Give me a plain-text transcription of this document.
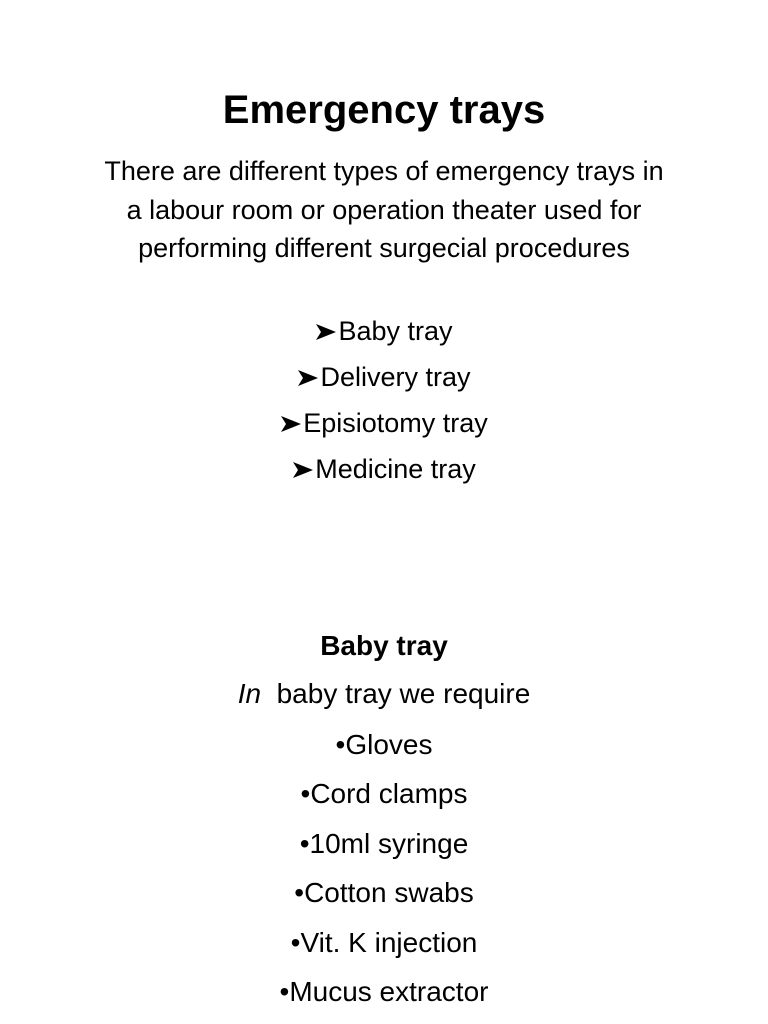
Emergency trays
There are different types of emergency trays in a labour room or operation theater used for performing different surgecial procedures
Baby tray
Delivery tray
Episiotomy tray
Medicine tray
Baby tray
In baby tray we require
•Gloves
•Cord clamps
•10ml syringe
•Cotton swabs
•Vit. K injection
•Mucus extractor
